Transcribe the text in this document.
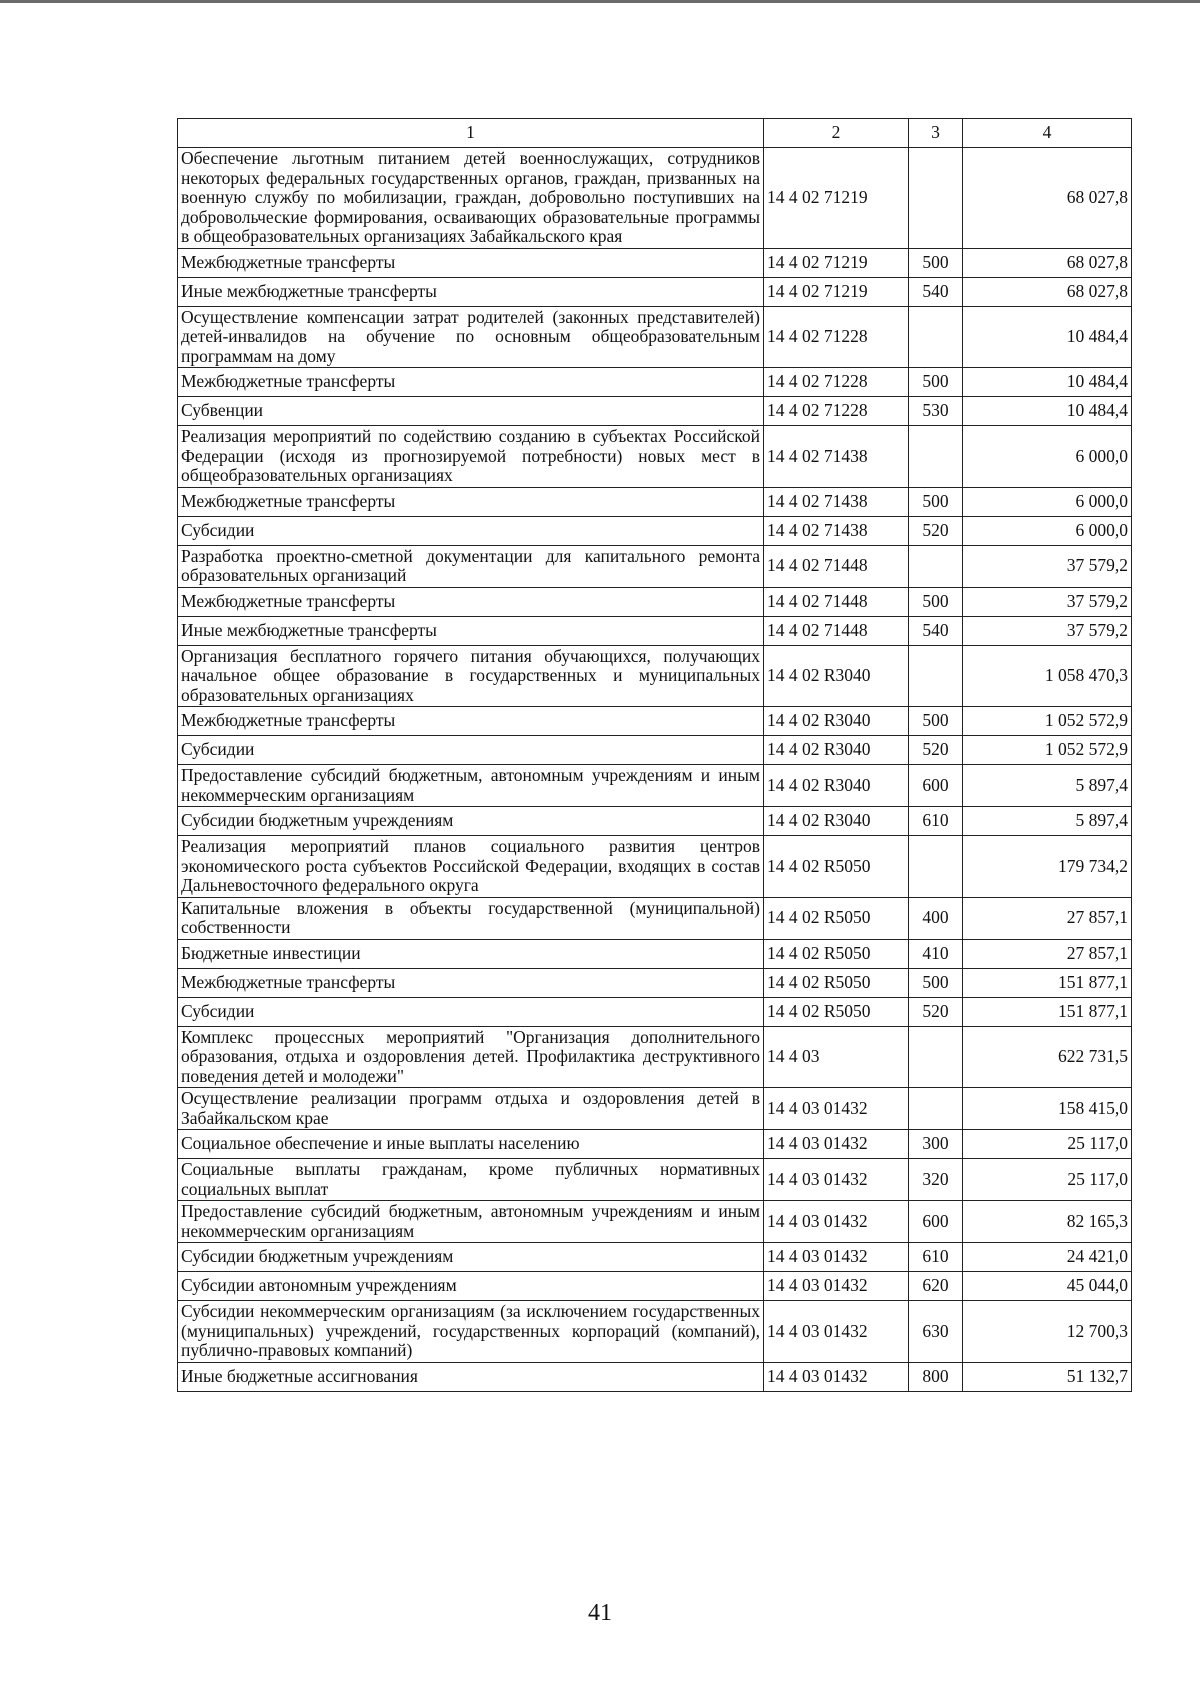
1	2	3	4
Обеспечение льготным питанием детей военнослужащих, сотрудников некоторых федеральных государственных органов, граждан, призванных на военную службу по мобилизации, граждан, добровольно поступивших на добровольческие формирования, осваивающих образовательные программы в общеобразовательных организациях Забайкальского края	14 4 02 71219		68 027,8
Межбюджетные трансферты	14 4 02 71219	500	68 027,8
Иные межбюджетные трансферты	14 4 02 71219	540	68 027,8
Осуществление компенсации затрат родителей (законных представителей) детей-инвалидов на обучение по основным общеобразовательным программам на дому	14 4 02 71228		10 484,4
Межбюджетные трансферты	14 4 02 71228	500	10 484,4
Субвенции	14 4 02 71228	530	10 484,4
Реализация мероприятий по содействию созданию в субъектах Российской Федерации (исходя из прогнозируемой потребности) новых мест в общеобразовательных организациях	14 4 02 71438		6 000,0
Межбюджетные трансферты	14 4 02 71438	500	6 000,0
Субсидии	14 4 02 71438	520	6 000,0
Разработка проектно-сметной документации для капитального ремонта образовательных организаций	14 4 02 71448		37 579,2
Межбюджетные трансферты	14 4 02 71448	500	37 579,2
Иные межбюджетные трансферты	14 4 02 71448	540	37 579,2
Организация бесплатного горячего питания обучающихся, получающих начальное общее образование в государственных и муниципальных образовательных организациях	14 4 02 R3040		1 058 470,3
Межбюджетные трансферты	14 4 02 R3040	500	1 052 572,9
Субсидии	14 4 02 R3040	520	1 052 572,9
Предоставление субсидий бюджетным, автономным учреждениям и иным некоммерческим организациям	14 4 02 R3040	600	5 897,4
Субсидии бюджетным учреждениям	14 4 02 R3040	610	5 897,4
Реализация мероприятий планов социального развития центров экономического роста субъектов Российской Федерации, входящих в состав Дальневосточного федерального округа	14 4 02 R5050		179 734,2
Капитальные вложения в объекты государственной (муниципальной) собственности	14 4 02 R5050	400	27 857,1
Бюджетные инвестиции	14 4 02 R5050	410	27 857,1
Межбюджетные трансферты	14 4 02 R5050	500	151 877,1
Субсидии	14 4 02 R5050	520	151 877,1
Комплекс процессных мероприятий "Организация дополнительного образования, отдыха и оздоровления детей. Профилактика деструктивного поведения детей и молодежи"	14 4 03		622 731,5
Осуществление реализации программ отдыха и оздоровления детей в Забайкальском крае	14 4 03 01432		158 415,0
Социальное обеспечение и иные выплаты населению	14 4 03 01432	300	25 117,0
Социальные выплаты гражданам, кроме публичных нормативных социальных выплат	14 4 03 01432	320	25 117,0
Предоставление субсидий бюджетным, автономным учреждениям и иным некоммерческим организациям	14 4 03 01432	600	82 165,3
Субсидии бюджетным учреждениям	14 4 03 01432	610	24 421,0
Субсидии автономным учреждениям	14 4 03 01432	620	45 044,0
Субсидии некоммерческим организациям (за исключением государственных (муниципальных) учреждений, государственных корпораций (компаний), публично-правовых компаний)	14 4 03 01432	630	12 700,3
Иные бюджетные ассигнования	14 4 03 01432	800	51 132,7
41
